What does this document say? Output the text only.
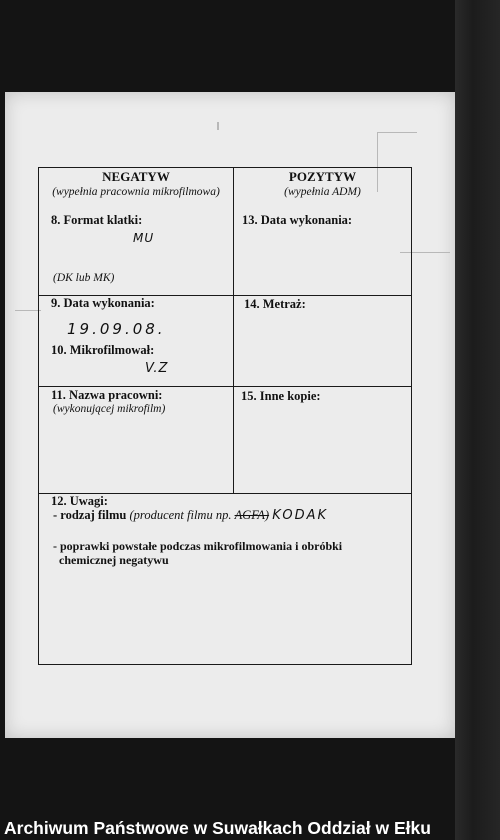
NEGATYW
(wypełnia pracownia mikrofilmowa)
POZYTYW
(wypełnia ADM)
8. Format klatki:
MU
(DK lub MK)
13. Data wykonania:
9. Data wykonania:
19.09.08.
10. Mikrofilmował:
V.Z
14. Metraż:
11. Nazwa pracowni:
(wykonującej mikrofilm)
15. Inne kopie:
12. Uwagi:
- rodzaj filmu (producent filmu np. AGFA) KODAK
- poprawki powstałe podczas mikrofilmowania i obróbki
chemicznej negatywu
Archiwum Państwowe w Suwałkach Oddział w Ełku
